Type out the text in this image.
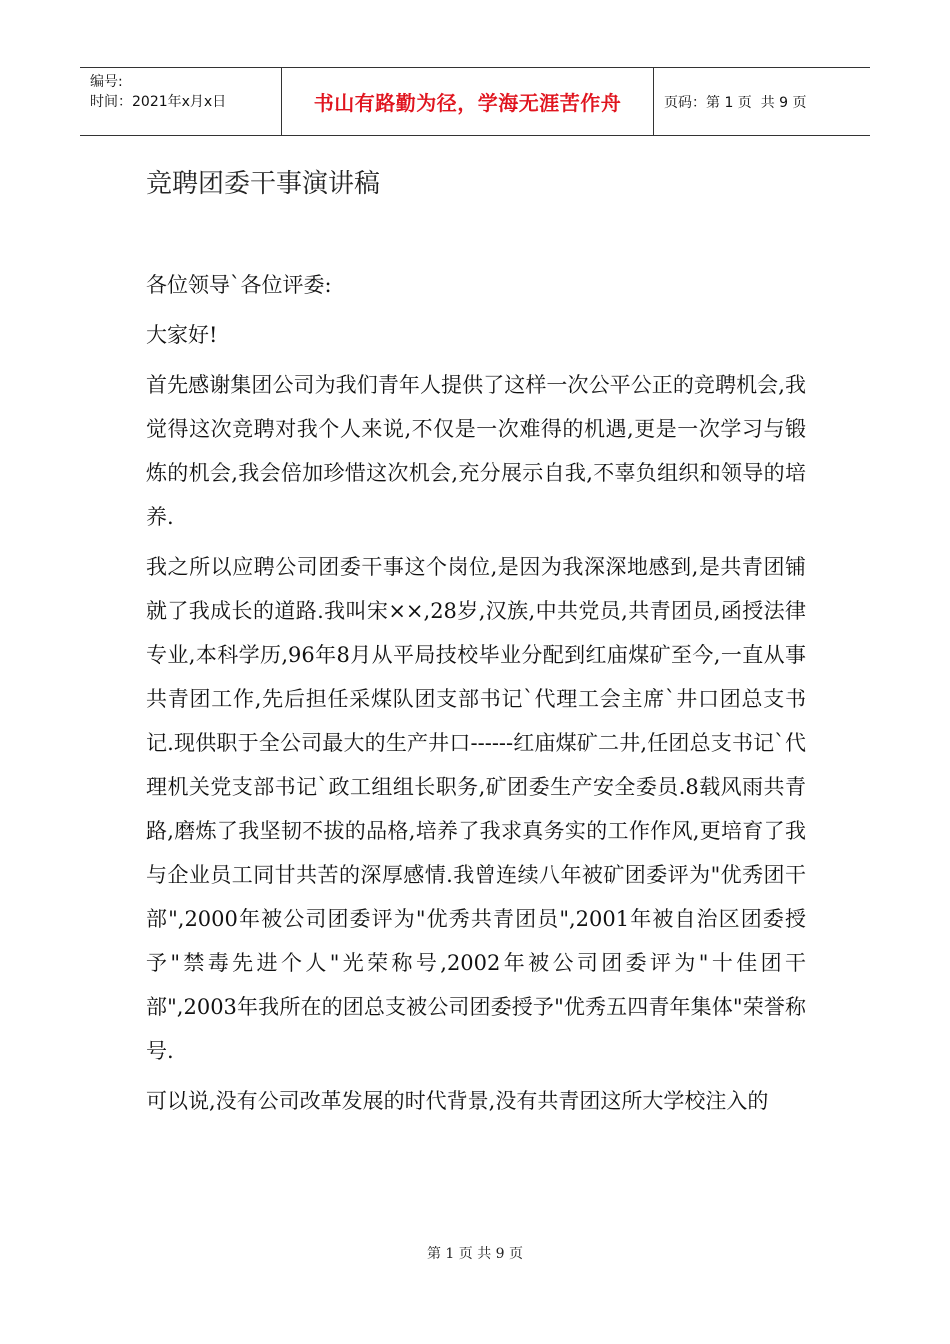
编号:
时间：2021年x月x日	书山有路勤为径，学海无涯苦作舟	页码：第 1 页  共 9 页
竞聘团委干事演讲稿

各位领导`各位评委:

大家好!

首先感谢集团公司为我们青年人提供了这样一次公平公正的竞聘机会,我觉得这次竞聘对我个人来说,不仅是一次难得的机遇,更是一次学习与锻炼的机会,我会倍加珍惜这次机会,充分展示自我,不辜负组织和领导的培养.

我之所以应聘公司团委干事这个岗位,是因为我深深地感到,是共青团铺就了我成长的道路.我叫宋××,28岁,汉族,中共党员,共青团员,函授法律专业,本科学历,96年8月从平局技校毕业分配到红庙煤矿至今,一直从事共青团工作,先后担任采煤队团支部书记`代理工会主席`井口团总支书记.现供职于全公司最大的生产井口------红庙煤矿二井,任团总支书记`代理机关党支部书记`政工组组长职务,矿团委生产安全委员.8载风雨共青路,磨炼了我坚韧不拔的品格,培养了我求真务实的工作作风,更培育了我与企业员工同甘共苦的深厚感情.我曾连续八年被矿团委评为"优秀团干部",2000年被公司团委评为"优秀共青团员",2001年被自治区团委授予"禁毒先进个人"光荣称号,2002年被公司团委评为"十佳团干部",2003年我所在的团总支被公司团委授予"优秀五四青年集体"荣誉称号.

可以说,没有公司改革发展的时代背景,没有共青团这所大学校注入的

第 1 页 共 9 页
